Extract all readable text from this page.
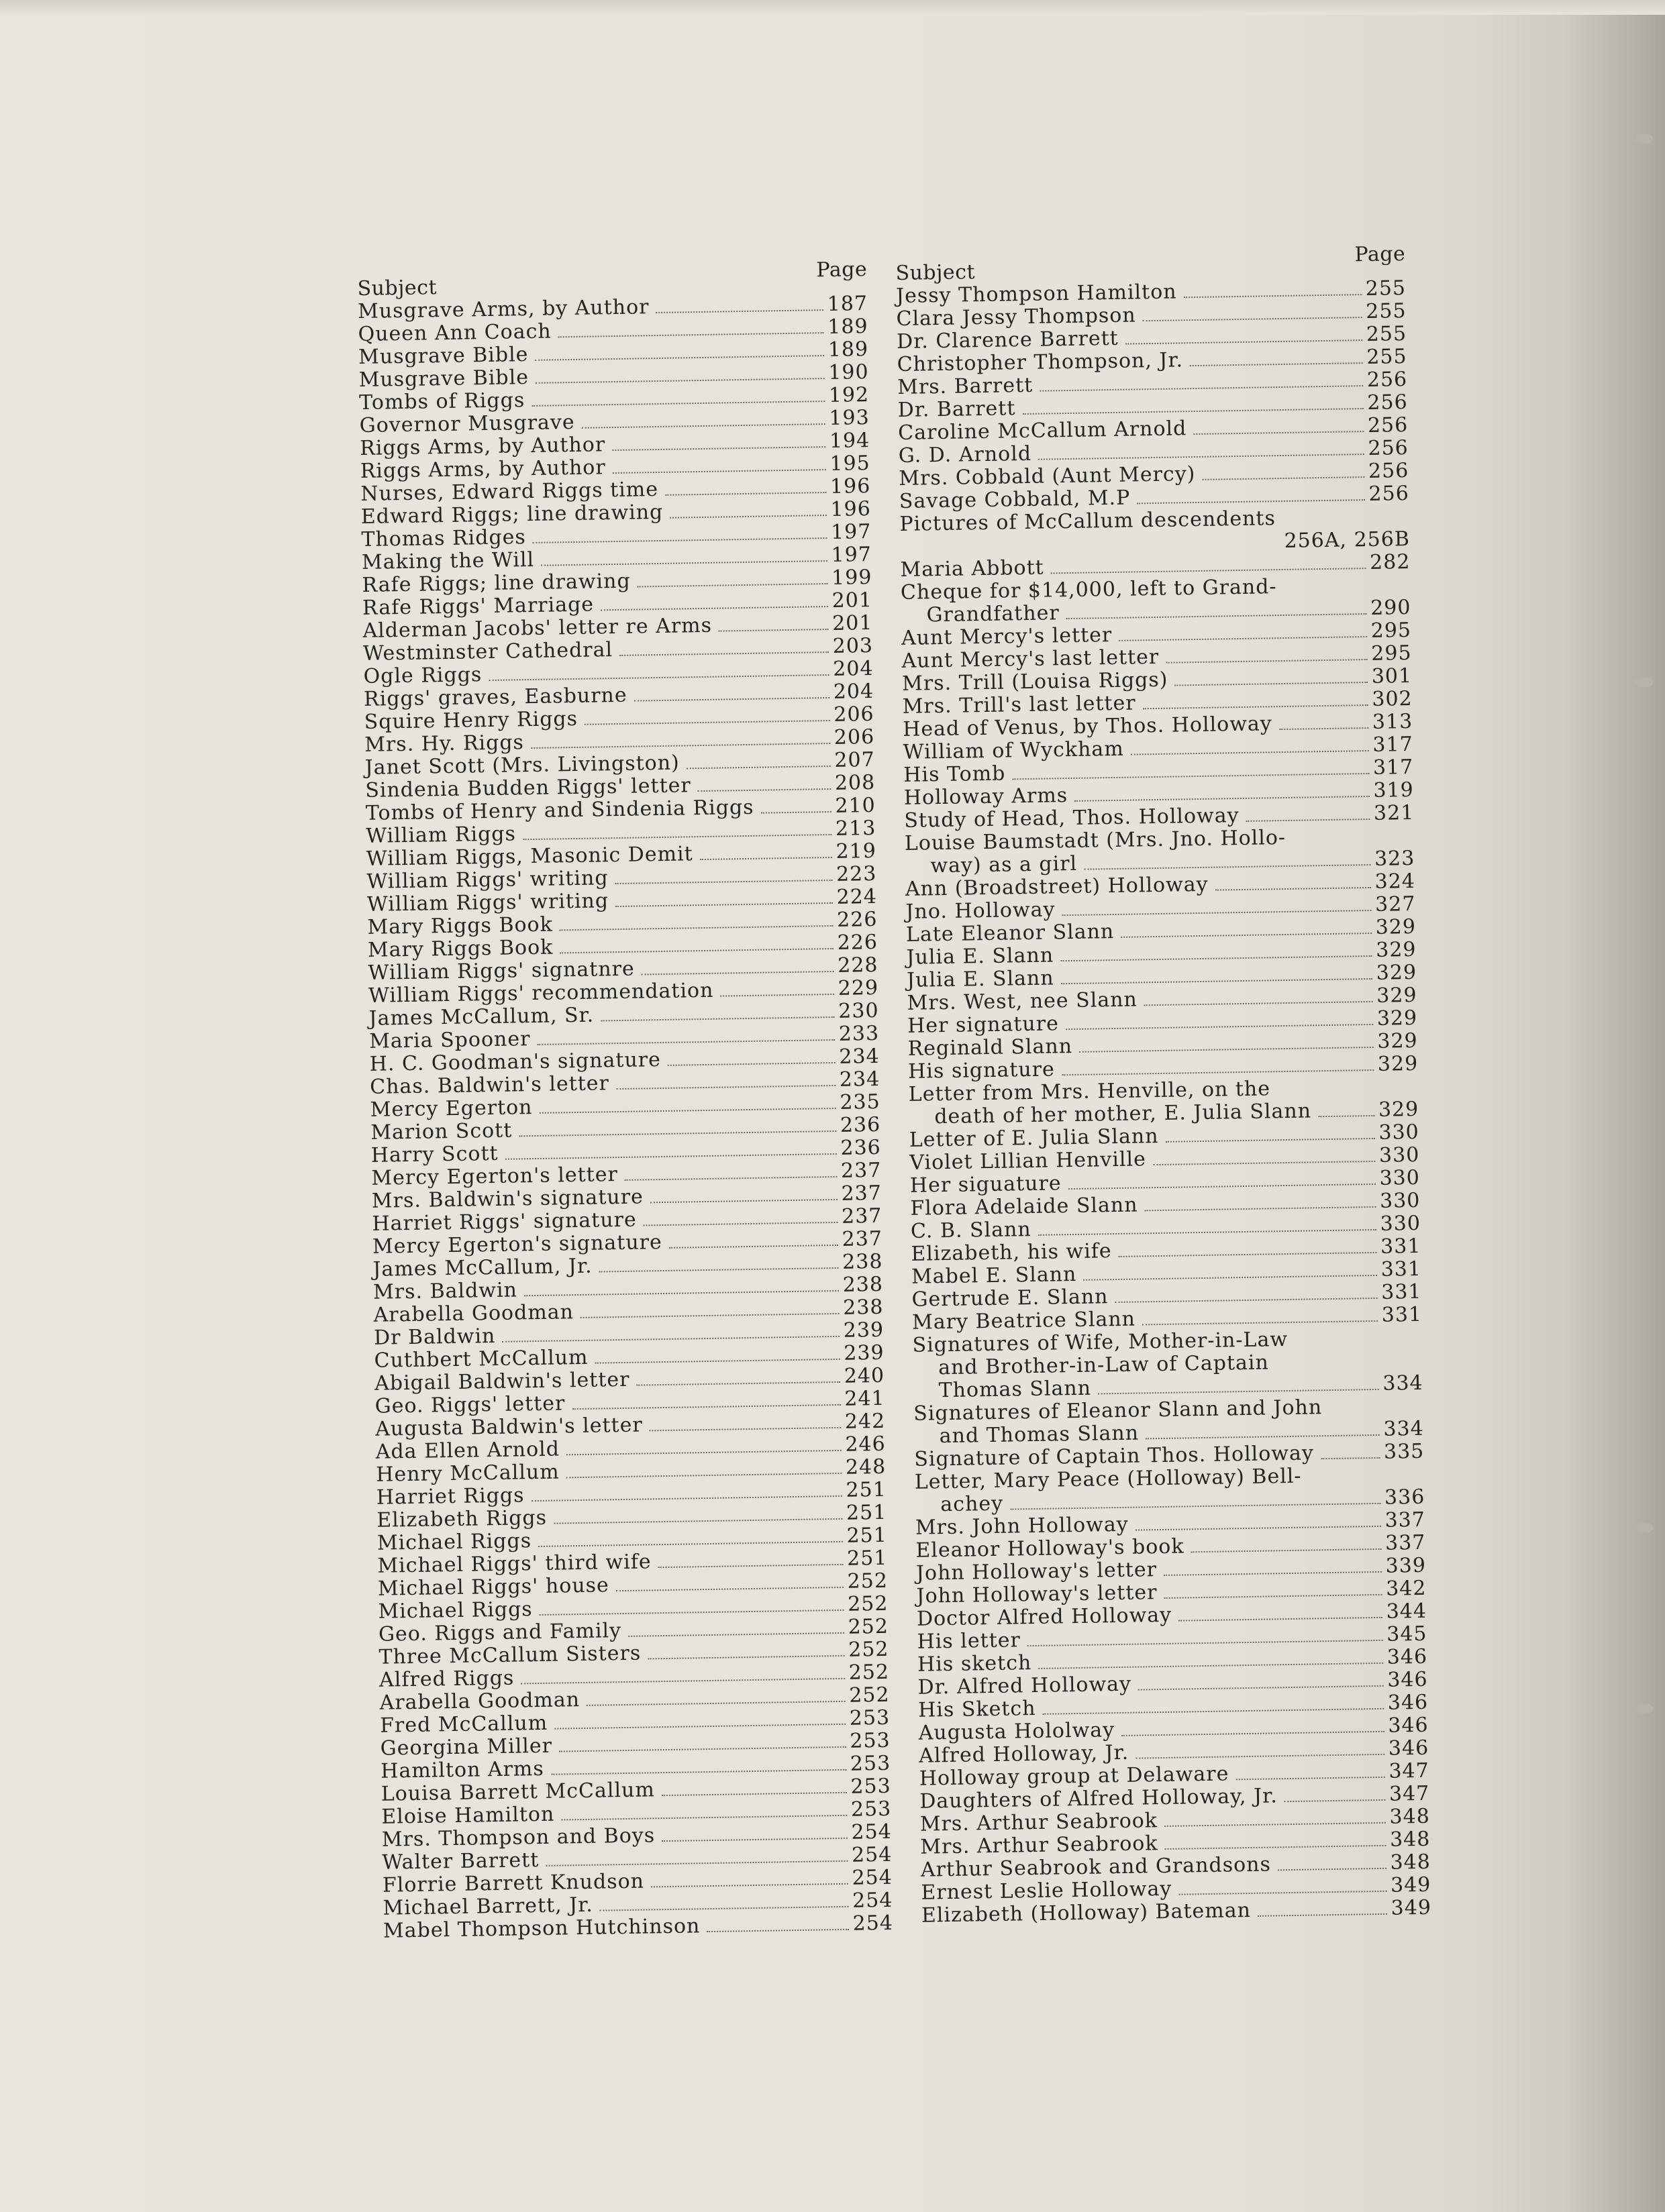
Subject
Page
Musgrave Arms, by Author	187
Queen Ann Coach	189
Musgrave Bible	189
Musgrave Bible	190
Tombs of Riggs	192
Governor Musgrave	193
Riggs Arms, by Author	194
Riggs Arms, by Author	195
Nurses, Edward Riggs time	196
Edward Riggs; line drawing	196
Thomas Ridges	197
Making the Will	197
Rafe Riggs; line drawing	199
Rafe Riggs' Marriage	201
Alderman Jacobs' letter re Arms	201
Westminster Cathedral	203
Ogle Riggs	204
Riggs' graves, Easburne	204
Squire Henry Riggs	206
Mrs. Hy. Riggs	206
Janet Scott (Mrs. Livingston)	207
Sindenia Budden Riggs' letter	208
Tombs of Henry and Sindenia Riggs	210
William Riggs	213
William Riggs, Masonic Demit	219
William Riggs' writing	223
William Riggs' writing	224
Mary Riggs Book	226
Mary Riggs Book	226
William Riggs' signatnre	228
William Riggs' recommendation	229
James McCallum, Sr.	230
Maria Spooner	233
H. C. Goodman's signature	234
Chas. Baldwin's letter	234
Mercy Egerton	235
Marion Scott	236
Harry Scott	236
Mercy Egerton's letter	237
Mrs. Baldwin's signature	237
Harriet Riggs' signature	237
Mercy Egerton's signature	237
James McCallum, Jr.	238
Mrs. Baldwin	238
Arabella Goodman	238
Dr Baldwin	239
Cuthbert McCallum	239
Abigail Baldwin's letter	240
Geo. Riggs' letter	241
Augusta Baldwin's letter	242
Ada Ellen Arnold	246
Henry McCallum	248
Harriet Riggs	251
Elizabeth Riggs	251
Michael Riggs	251
Michael Riggs' third wife	251
Michael Riggs' house	252
Michael Riggs	252
Geo. Riggs and Family	252
Three McCallum Sisters	252
Alfred Riggs	252
Arabella Goodman	252
Fred McCallum	253
Georgina Miller	253
Hamilton Arms	253
Louisa Barrett McCallum	253
Eloise Hamilton	253
Mrs. Thompson and Boys	254
Walter Barrett	254
Florrie Barrett Knudson	254
Michael Barrett, Jr.	254
Mabel Thompson Hutchinson	254
Subject
Page
Jessy Thompson Hamilton	255
Clara Jessy Thompson	255
Dr. Clarence Barrett	255
Christopher Thompson, Jr.	255
Mrs. Barrett	256
Dr. Barrett	256
Caroline McCallum Arnold	256
G. D. Arnold	256
Mrs. Cobbald (Aunt Mercy)	256
Savage Cobbald, M.P	256
Pictures of McCallum descendents
256A, 256B
Maria Abbott	282
Cheque for $14,000, left to Grand-
Grandfather	290
Aunt Mercy's letter	295
Aunt Mercy's last letter	295
Mrs. Trill (Louisa Riggs)	301
Mrs. Trill's last letter	302
Head of Venus, by Thos. Holloway	313
William of Wyckham	317
His Tomb	317
Holloway Arms	319
Study of Head, Thos. Holloway	321
Louise Baumstadt (Mrs. Jno. Hollo-
way) as a girl	323
Ann (Broadstreet) Holloway	324
Jno. Holloway	327
Late Eleanor Slann	329
Julia E. Slann	329
Julia E. Slann	329
Mrs. West, nee Slann	329
Her signature	329
Reginald Slann	329
His signature	329
Letter from Mrs. Henville, on the
death of her mother, E. Julia Slann	329
Letter of E. Julia Slann	330
Violet Lillian Henville	330
Her siguature	330
Flora Adelaide Slann	330
C. B. Slann	330
Elizabeth, his wife	331
Mabel E. Slann	331
Gertrude E. Slann	331
Mary Beatrice Slann	331
Signatures of Wife, Mother-in-Law
and Brother-in-Law of Captain
Thomas Slann	334
Signatures of Eleanor Slann and John
and Thomas Slann	334
Signature of Captain Thos. Holloway	335
Letter, Mary Peace (Holloway) Bell-
achey	336
Mrs. John Holloway	337
Eleanor Holloway's book	337
John Holloway's letter	339
John Holloway's letter	342
Doctor Alfred Holloway	344
His letter	345
His sketch	346
Dr. Alfred Holloway	346
His Sketch	346
Augusta Hololway	346
Alfred Holloway, Jr.	346
Holloway group at Delaware	347
Daughters of Alfred Holloway, Jr.	347
Mrs. Arthur Seabrook	348
Mrs. Arthur Seabrook	348
Arthur Seabrook and Grandsons	348
Ernest Leslie Holloway	349
Elizabeth (Holloway) Bateman	349
